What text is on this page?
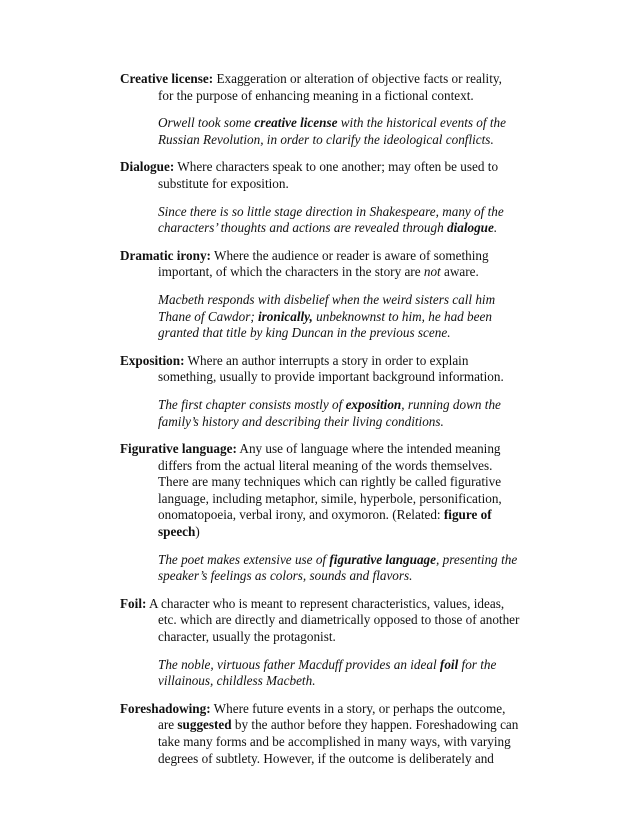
Creative license: Exaggeration or alteration of objective facts or reality, for the purpose of enhancing meaning in a fictional context.

Orwell took some creative license with the historical events of the Russian Revolution, in order to clarify the ideological conflicts.

Dialogue: Where characters speak to one another; may often be used to substitute for exposition.

Since there is so little stage direction in Shakespeare, many of the characters’ thoughts and actions are revealed through dialogue.

Dramatic irony: Where the audience or reader is aware of something important, of which the characters in the story are not aware.

Macbeth responds with disbelief when the weird sisters call him Thane of Cawdor; ironically, unbeknownst to him, he had been granted that title by king Duncan in the previous scene.

Exposition: Where an author interrupts a story in order to explain something, usually to provide important background information.

The first chapter consists mostly of exposition, running down the family’s history and describing their living conditions.

Figurative language: Any use of language where the intended meaning differs from the actual literal meaning of the words themselves. There are many techniques which can rightly be called figurative language, including metaphor, simile, hyperbole, personification, onomatopoeia, verbal irony, and oxymoron. (Related: figure of speech)

The poet makes extensive use of figurative language, presenting the speaker’s feelings as colors, sounds and flavors.

Foil: A character who is meant to represent characteristics, values, ideas, etc. which are directly and diametrically opposed to those of another character, usually the protagonist.

The noble, virtuous father Macduff provides an ideal foil for the villainous, childless Macbeth.

Foreshadowing: Where future events in a story, or perhaps the outcome, are suggested by the author before they happen. Foreshadowing can take many forms and be accomplished in many ways, with varying degrees of subtlety. However, if the outcome is deliberately and
